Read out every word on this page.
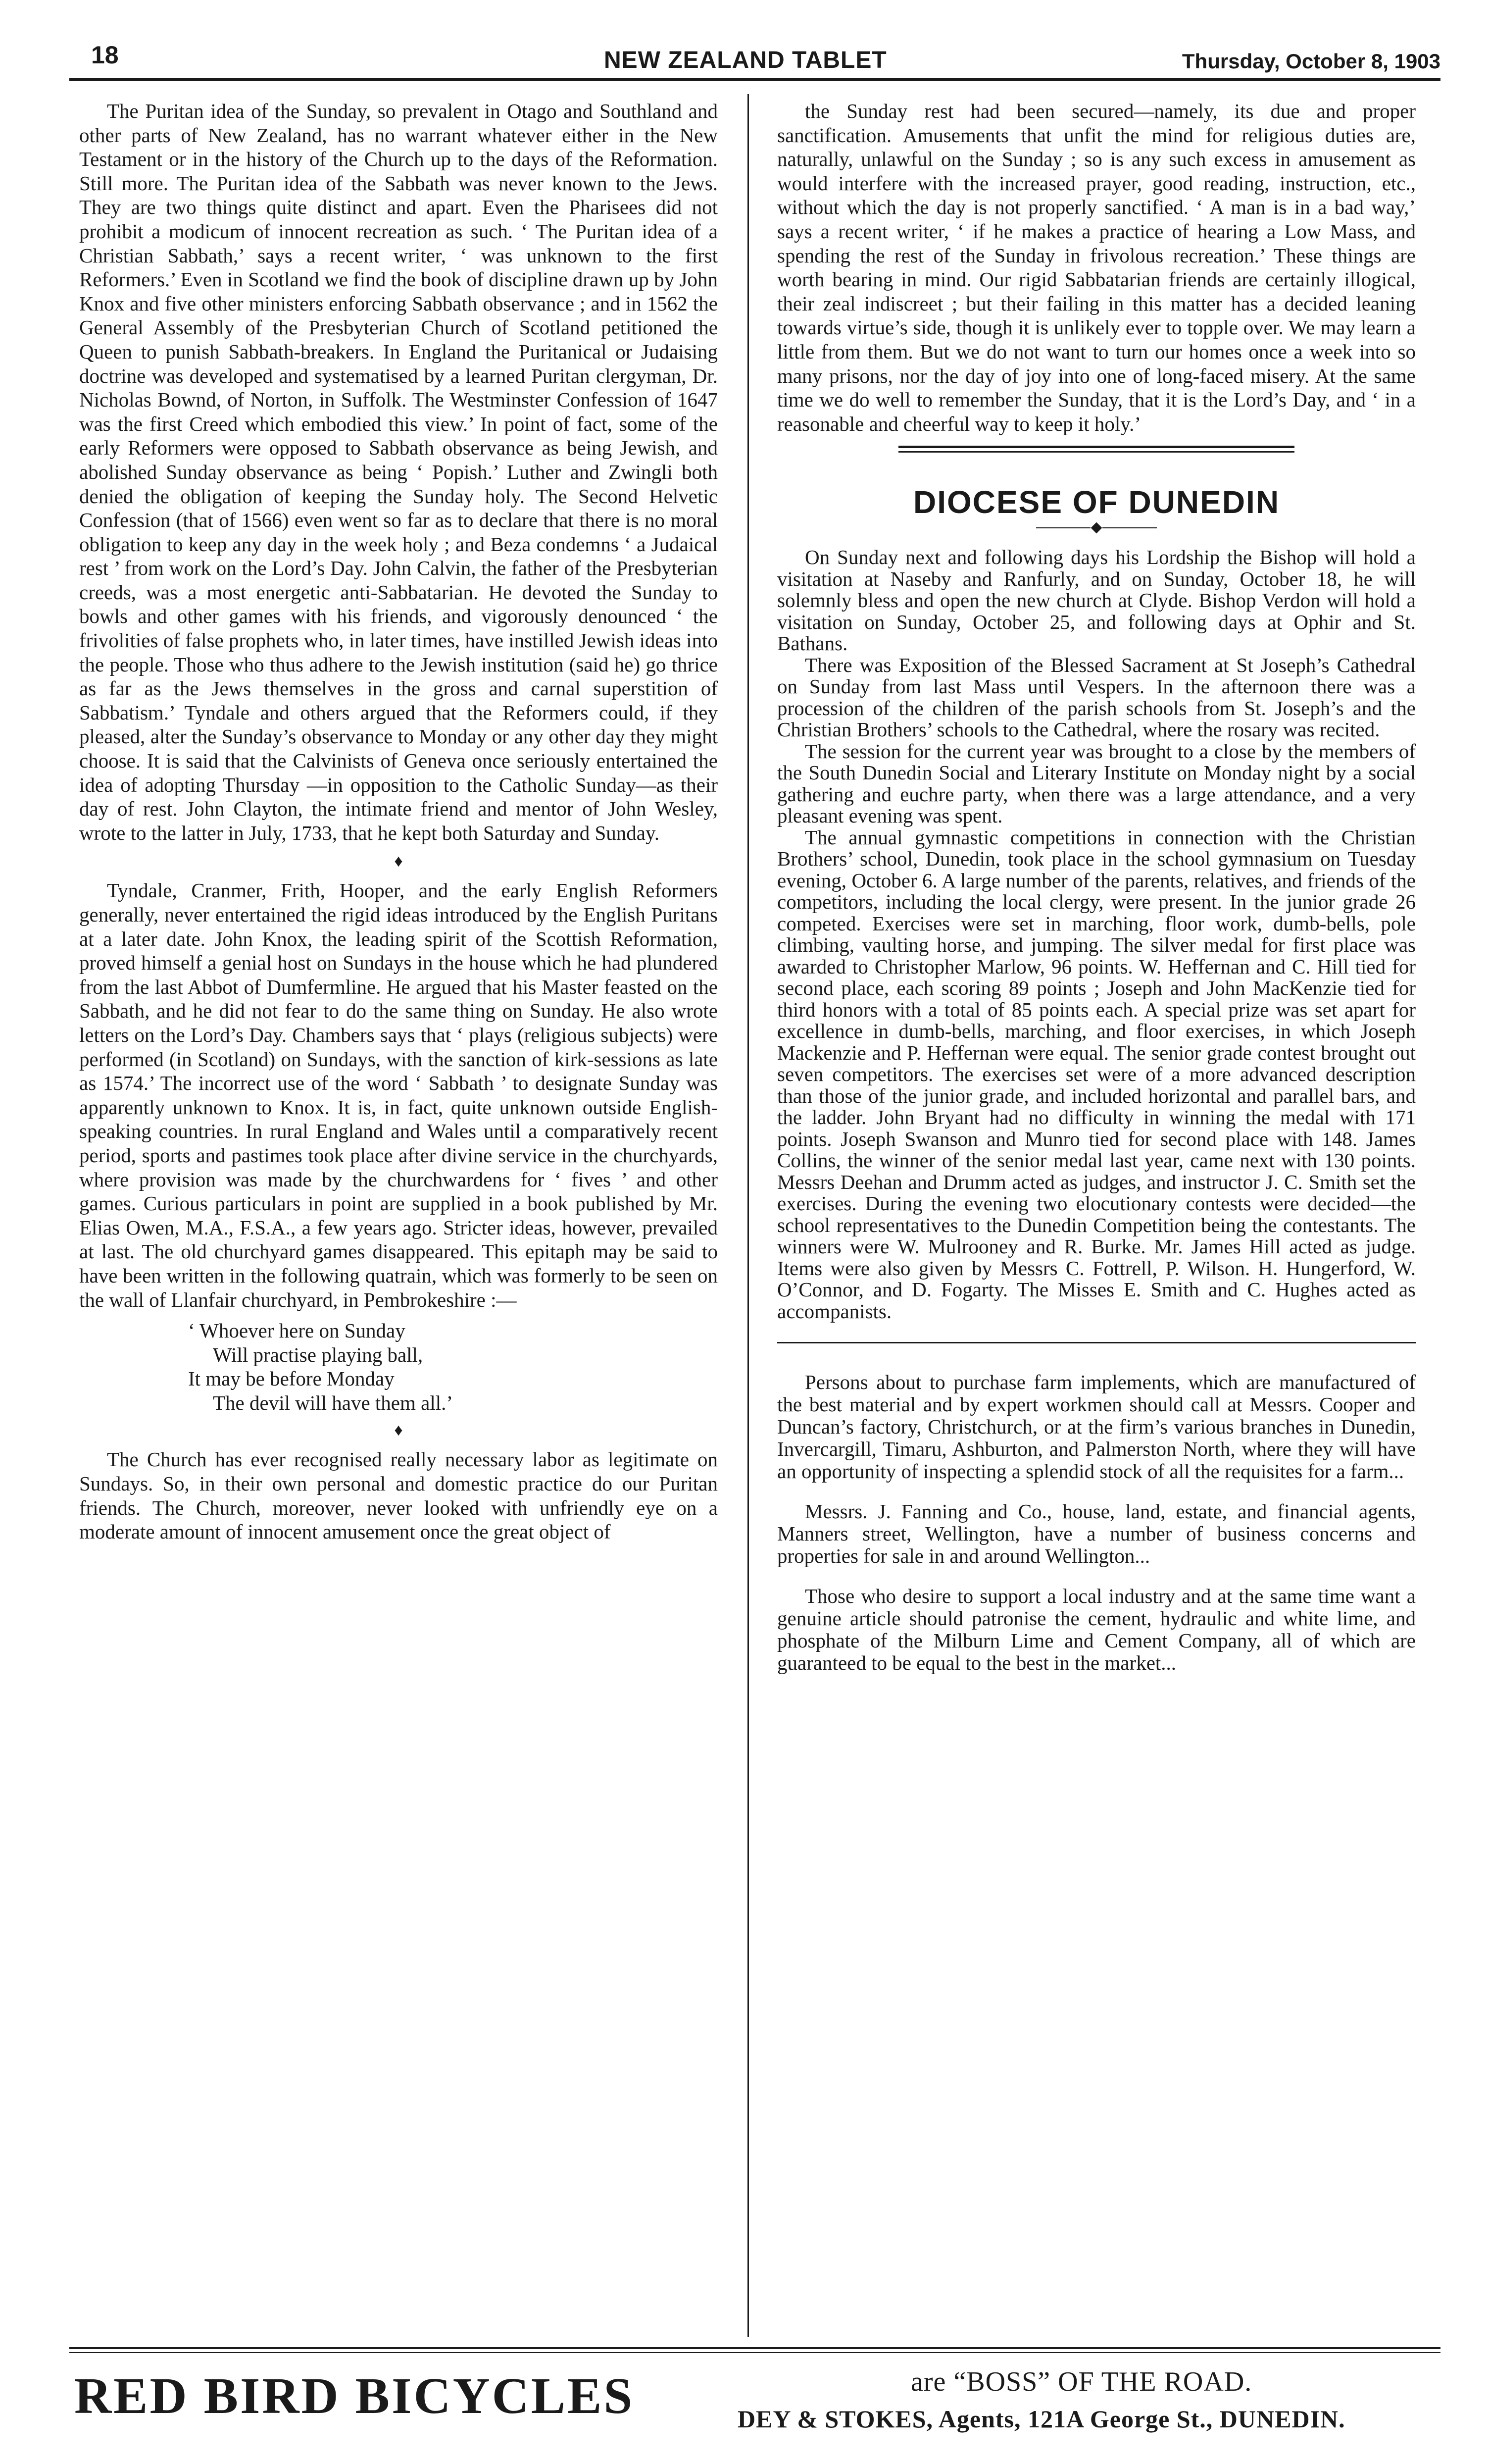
18	NEW ZEALAND TABLET	Thursday, October 8, 1903

The Puritan idea of the Sunday, so prevalent in Otago and Southland and other parts of New Zealand, has no warrant whatever either in the New Testament or in the history of the Church up to the days of the Reformation. Still more. The Puritan idea of the Sabbath was never known to the Jews. They are two things quite distinct and apart. Even the Pharisees did not prohibit a modicum of innocent recreation as such. ‘ The Puritan idea of a Christian Sabbath,’ says a recent writer, ‘ was unknown to the first Reformers.’ Even in Scotland we find the book of discipline drawn up by John Knox and five other ministers enforcing Sabbath observance ; and in 1562 the General Assembly of the Presbyterian Church of Scotland petitioned the Queen to punish Sabbath-breakers. In England the Puritanical or Judaising doctrine was developed and systematised by a learned Puritan clergyman, Dr. Nicholas Bownd, of Norton, in Suffolk. The Westminster Confession of 1647 was the first Creed which embodied this view.’ In point of fact, some of the early Reformers were opposed to Sabbath observance as being Jewish, and abolished Sunday observance as being ‘ Popish.’ Luther and Zwingli both denied the obligation of keeping the Sunday holy. The Second Helvetic Confession (that of 1566) even went so far as to declare that there is no moral obligation to keep any day in the week holy ; and Beza condemns ‘ a Judaical rest ’ from work on the Lord’s Day. John Calvin, the father of the Presbyterian creeds, was a most energetic anti-Sabbatarian. He devoted the Sunday to bowls and other games with his friends, and vigorously denounced ‘ the frivolities of false prophets who, in later times, have instilled Jewish ideas into the people. Those who thus adhere to the Jewish institution (said he) go thrice as far as the Jews themselves in the gross and carnal superstition of Sabbatism.’ Tyndale and others argued that the Reformers could, if they pleased, alter the Sunday’s observance to Monday or any other day they might choose. It is said that the Calvinists of Geneva once seriously entertained the idea of adopting Thursday —in opposition to the Catholic Sunday—as their day of rest. John Clayton, the intimate friend and mentor of John Wesley, wrote to the latter in July, 1733, that he kept both Saturday and Sunday.

♦

Tyndale, Cranmer, Frith, Hooper, and the early English Reformers generally, never entertained the rigid ideas introduced by the English Puritans at a later date. John Knox, the leading spirit of the Scottish Reformation, proved himself a genial host on Sundays in the house which he had plundered from the last Abbot of Dumfermline. He argued that his Master feasted on the Sabbath, and he did not fear to do the same thing on Sunday. He also wrote letters on the Lord’s Day. Chambers says that ‘ plays (religious subjects) were performed (in Scotland) on Sundays, with the sanction of kirk-sessions as late as 1574.’ The incorrect use of the word ‘ Sabbath ’ to designate Sunday was apparently unknown to Knox. It is, in fact, quite unknown outside English-speaking countries. In rural England and Wales until a comparatively recent period, sports and pastimes took place after divine service in the churchyards, where provision was made by the churchwardens for ‘ fives ’ and other games. Curious particulars in point are supplied in a book published by Mr. Elias Owen, M.A., F.S.A., a few years ago. Stricter ideas, however, prevailed at last. The old churchyard games disappeared. This epitaph may be said to have been written in the following quatrain, which was formerly to be seen on the wall of Llanfair churchyard, in Pembrokeshire :—

‘ Whoever here on Sunday
Will practise playing ball,
It may be before Monday
The devil will have them all.’
♦

The Church has ever recognised really necessary labor as legitimate on Sundays. So, in their own personal and domestic practice do our Puritan friends. The Church, moreover, never looked with unfriendly eye on a moderate amount of innocent amusement once the great object of

the Sunday rest had been secured—namely, its due and proper sanctification. Amusements that unfit the mind for religious duties are, naturally, unlawful on the Sunday ; so is any such excess in amusement as would interfere with the increased prayer, good reading, instruction, etc., without which the day is not properly sanctified. ‘ A man is in a bad way,’ says a recent writer, ‘ if he makes a practice of hearing a Low Mass, and spending the rest of the Sunday in frivolous recreation.’ These things are worth bearing in mind. Our rigid Sabbatarian friends are certainly illogical, their zeal indiscreet ; but their failing in this matter has a decided leaning towards virtue’s side, though it is unlikely ever to topple over. We may learn a little from them. But we do not want to turn our homes once a week into so many prisons, nor the day of joy into one of long-faced misery. At the same time we do well to remember the Sunday, that it is the Lord’s Day, and ‘ in a reasonable and cheerful way to keep it holy.’

DIOCESE OF DUNEDIN

On Sunday next and following days his Lordship the Bishop will hold a visitation at Naseby and Ranfurly, and on Sunday, October 18, he will solemnly bless and open the new church at Clyde. Bishop Verdon will hold a visitation on Sunday, October 25, and following days at Ophir and St. Bathans.

There was Exposition of the Blessed Sacrament at St Joseph’s Cathedral on Sunday from last Mass until Vespers. In the afternoon there was a procession of the children of the parish schools from St. Joseph’s and the Christian Brothers’ schools to the Cathedral, where the rosary was recited.

The session for the current year was brought to a close by the members of the South Dunedin Social and Literary Institute on Monday night by a social gathering and euchre party, when there was a large attendance, and a very pleasant evening was spent.

The annual gymnastic competitions in connection with the Christian Brothers’ school, Dunedin, took place in the school gymnasium on Tuesday evening, October 6. A large number of the parents, relatives, and friends of the competitors, including the local clergy, were present. In the junior grade 26 competed. Exercises were set in marching, floor work, dumb-bells, pole climbing, vaulting horse, and jumping. The silver medal for first place was awarded to Christopher Marlow, 96 points. W. Heffernan and C. Hill tied for second place, each scoring 89 points ; Joseph and John MacKenzie tied for third honors with a total of 85 points each. A special prize was set apart for excellence in dumb-bells, marching, and floor exercises, in which Joseph Mackenzie and P. Heffernan were equal. The senior grade contest brought out seven competitors. The exercises set were of a more advanced description than those of the junior grade, and included horizontal and parallel bars, and the ladder. John Bryant had no difficulty in winning the medal with 171 points. Joseph Swanson and Munro tied for second place with 148. James Collins, the winner of the senior medal last year, came next with 130 points. Messrs Deehan and Drumm acted as judges, and instructor J. C. Smith set the exercises. During the evening two elocutionary contests were decided—the school representatives to the Dunedin Competition being the contestants. The winners were W. Mulrooney and R. Burke. Mr. James Hill acted as judge. Items were also given by Messrs C. Fottrell, P. Wilson. H. Hungerford, W. O’Connor, and D. Fogarty. The Misses E. Smith and C. Hughes acted as accompanists.

Persons about to purchase farm implements, which are manufactured of the best material and by expert workmen should call at Messrs. Cooper and Duncan’s factory, Christchurch, or at the firm’s various branches in Dunedin, Invercargill, Timaru, Ashburton, and Palmerston North, where they will have an opportunity of inspecting a splendid stock of all the requisites for a farm...

Messrs. J. Fanning and Co., house, land, estate, and financial agents, Manners street, Wellington, have a number of business concerns and properties for sale in and around Wellington...

Those who desire to support a local industry and at the same time want a genuine article should patronise the cement, hydraulic and white lime, and phosphate of the Milburn Lime and Cement Company, all of which are guaranteed to be equal to the best in the market...

RED BIRD BICYCLES	are “BOSS” OF THE ROAD.
DEY & STOKES, Agents, 121A George St., DUNEDIN.
